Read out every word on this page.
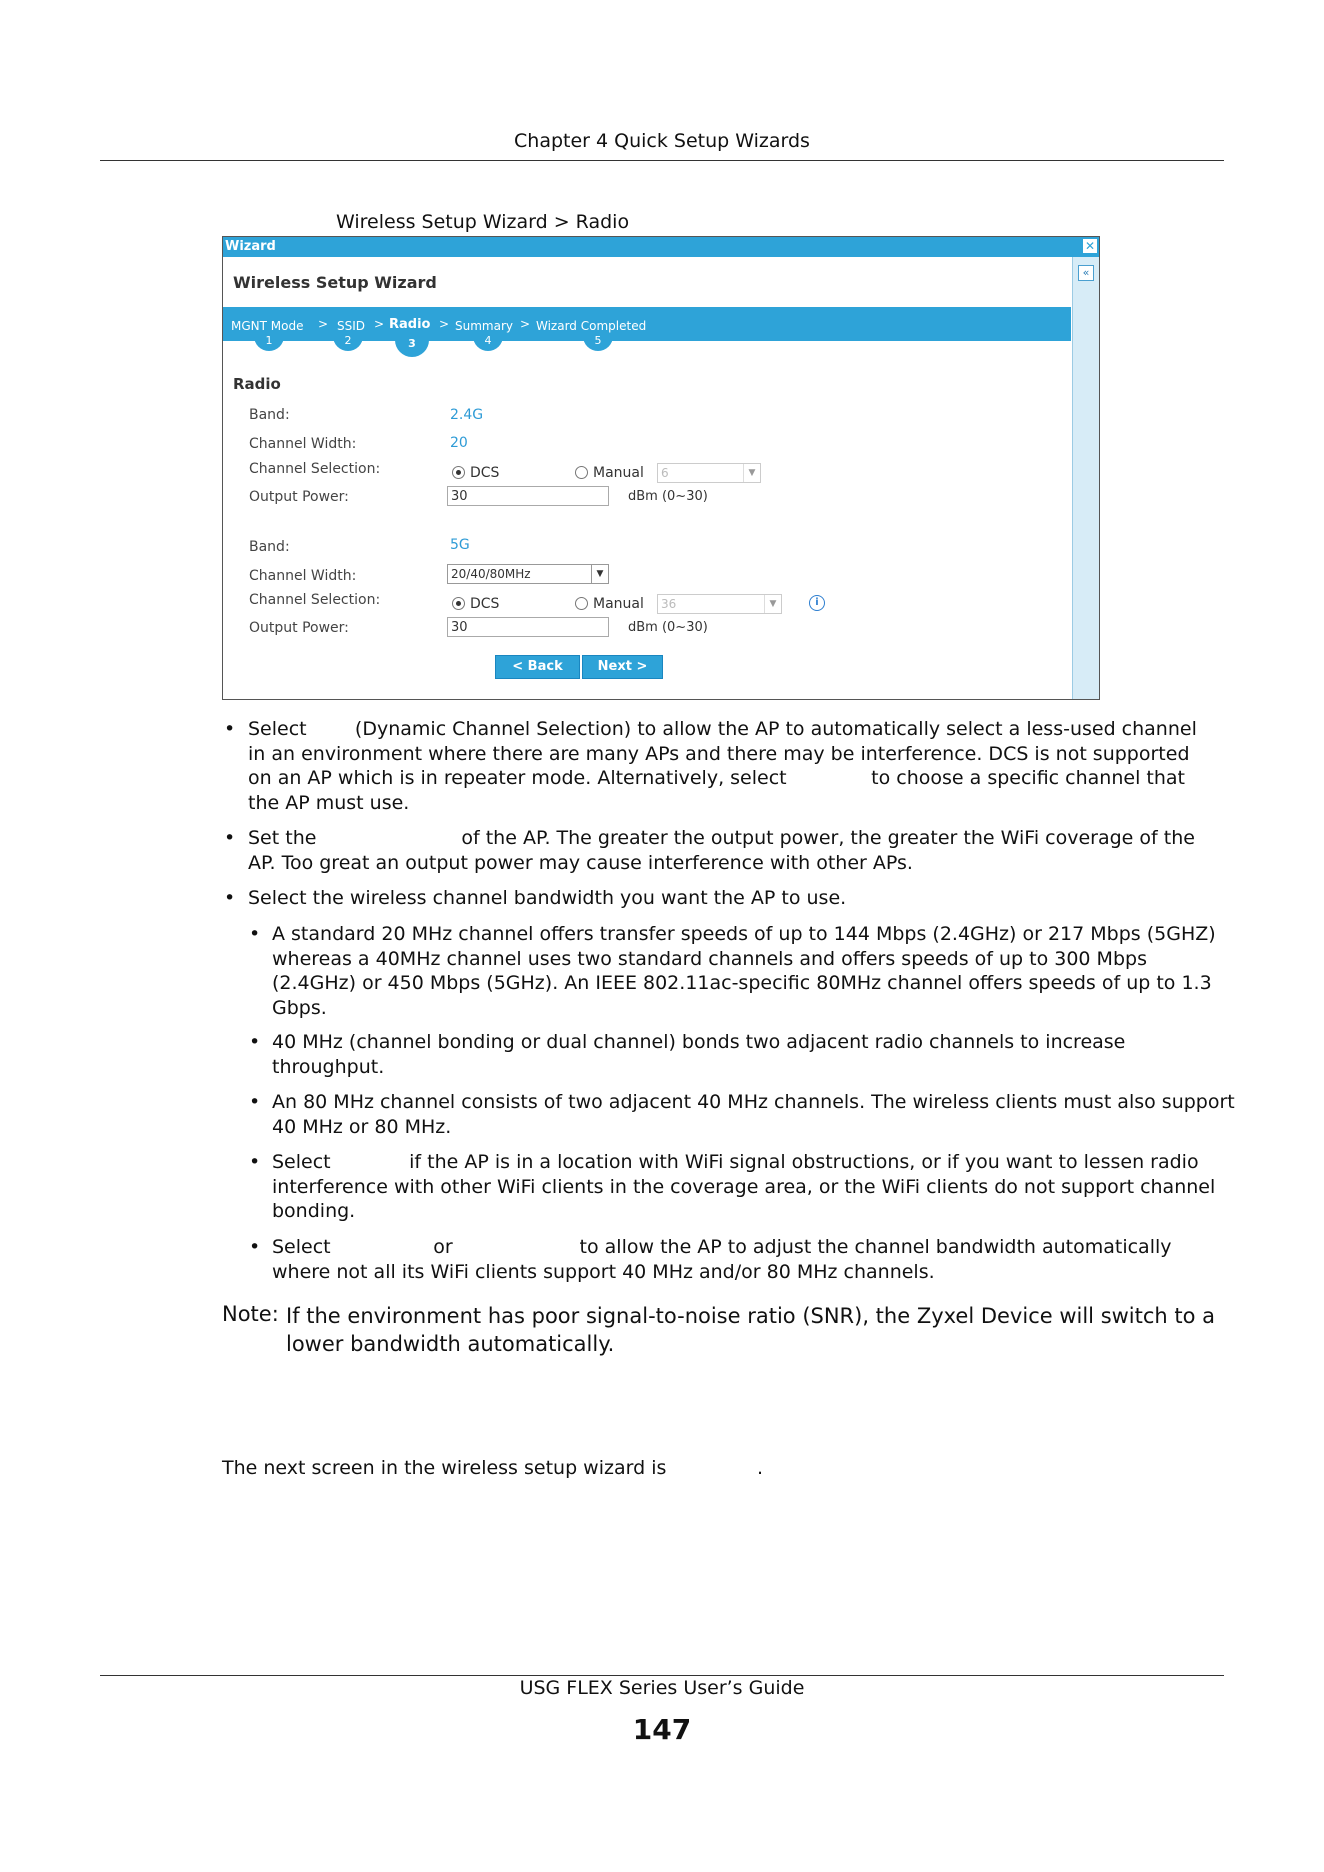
Chapter 4 Quick Setup Wizards
Wireless Setup Wizard > Radio
Wizard	✕
«
Wireless Setup Wizard
MGNT Mode > SSID > Radio > Summary > Wizard Completed
1	2	3	4	5
Radio
Band:	2.4G
Channel Width:	20
Channel Selection:	DCS	Manual	6	▼
Output Power:	30	dBm (0~30)
Band:	5G
Channel Width:	20/40/80MHz	▼
Channel Selection:	DCS	Manual	36	▼	i
Output Power:	30	dBm (0~30)
< Back	Next >
• Select        (Dynamic Channel Selection) to allow the AP to automatically select a less-used channel
in an environment where there are many APs and there may be interference. DCS is not supported
on an AP which is in repeater mode. Alternatively, select              to choose a specific channel that
the AP must use.
• Set the                        of the AP. The greater the output power, the greater the WiFi coverage of the
AP. Too great an output power may cause interference with other APs.
• Select the wireless channel bandwidth you want the AP to use.
• A standard 20 MHz channel offers transfer speeds of up to 144 Mbps (2.4GHz) or 217 Mbps (5GHZ)
whereas a 40MHz channel uses two standard channels and offers speeds of up to 300 Mbps
(2.4GHz) or 450 Mbps (5GHz). An IEEE 802.11ac-specific 80MHz channel offers speeds of up to 1.3
Gbps.
• 40 MHz (channel bonding or dual channel) bonds two adjacent radio channels to increase
throughput.
• An 80 MHz channel consists of two adjacent 40 MHz channels. The wireless clients must also support
40 MHz or 80 MHz.
• Select             if the AP is in a location with WiFi signal obstructions, or if you want to lessen radio
interference with other WiFi clients in the coverage area, or the WiFi clients do not support channel
bonding.
• Select                 or                     to allow the AP to adjust the channel bandwidth automatically
where not all its WiFi clients support 40 MHz and/or 80 MHz channels.
Note: If the environment has poor signal-to-noise ratio (SNR), the Zyxel Device will switch to a
lower bandwidth automatically.
The next screen in the wireless setup wizard is               .
USG FLEX Series User’s Guide
147
